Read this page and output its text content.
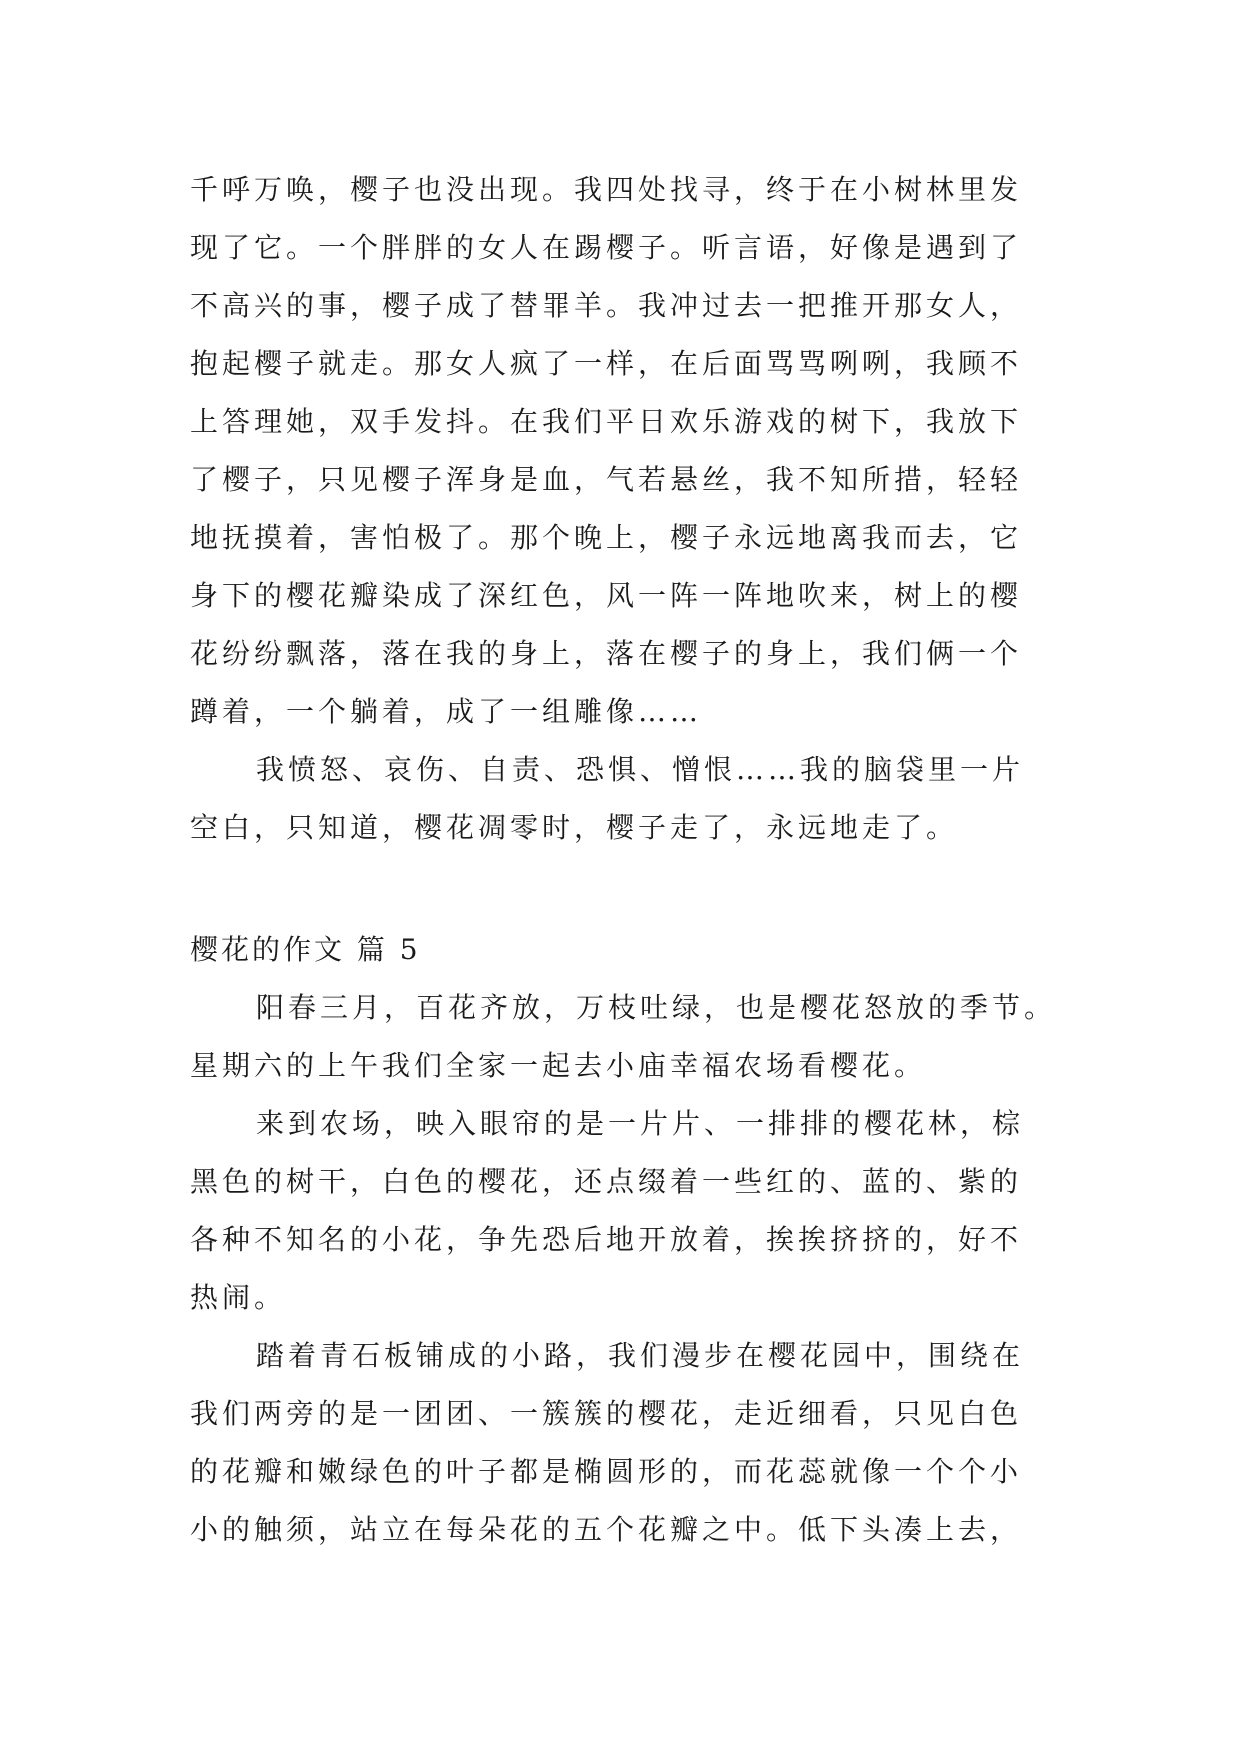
千呼万唤，樱子也没出现。我四处找寻，终于在小树林里发
现了它。一个胖胖的女人在踢樱子。听言语，好像是遇到了
不高兴的事，樱子成了替罪羊。我冲过去一把推开那女人，
抱起樱子就走。那女人疯了一样，在后面骂骂咧咧，我顾不
上答理她，双手发抖。在我们平日欢乐游戏的树下，我放下
了樱子，只见樱子浑身是血，气若悬丝，我不知所措，轻轻
地抚摸着，害怕极了。那个晚上，樱子永远地离我而去，它
身下的樱花瓣染成了深红色，风一阵一阵地吹来，树上的樱
花纷纷飘落，落在我的身上，落在樱子的身上，我们俩一个
蹲着，一个躺着，成了一组雕像……
我愤怒、哀伤、自责、恐惧、憎恨……我的脑袋里一片
空白，只知道，樱花凋零时，樱子走了，永远地走了。
樱花的作文 篇 5
阳春三月，百花齐放，万枝吐绿，也是樱花怒放的季节。
星期六的上午我们全家一起去小庙幸福农场看樱花。
来到农场，映入眼帘的是一片片、一排排的樱花林，棕
黑色的树干，白色的樱花，还点缀着一些红的、蓝的、紫的
各种不知名的小花，争先恐后地开放着，挨挨挤挤的，好不
热闹。
踏着青石板铺成的小路，我们漫步在樱花园中，围绕在
我们两旁的是一团团、一簇簇的樱花，走近细看，只见白色
的花瓣和嫩绿色的叶子都是椭圆形的，而花蕊就像一个个小
小的触须，站立在每朵花的五个花瓣之中。低下头凑上去，
